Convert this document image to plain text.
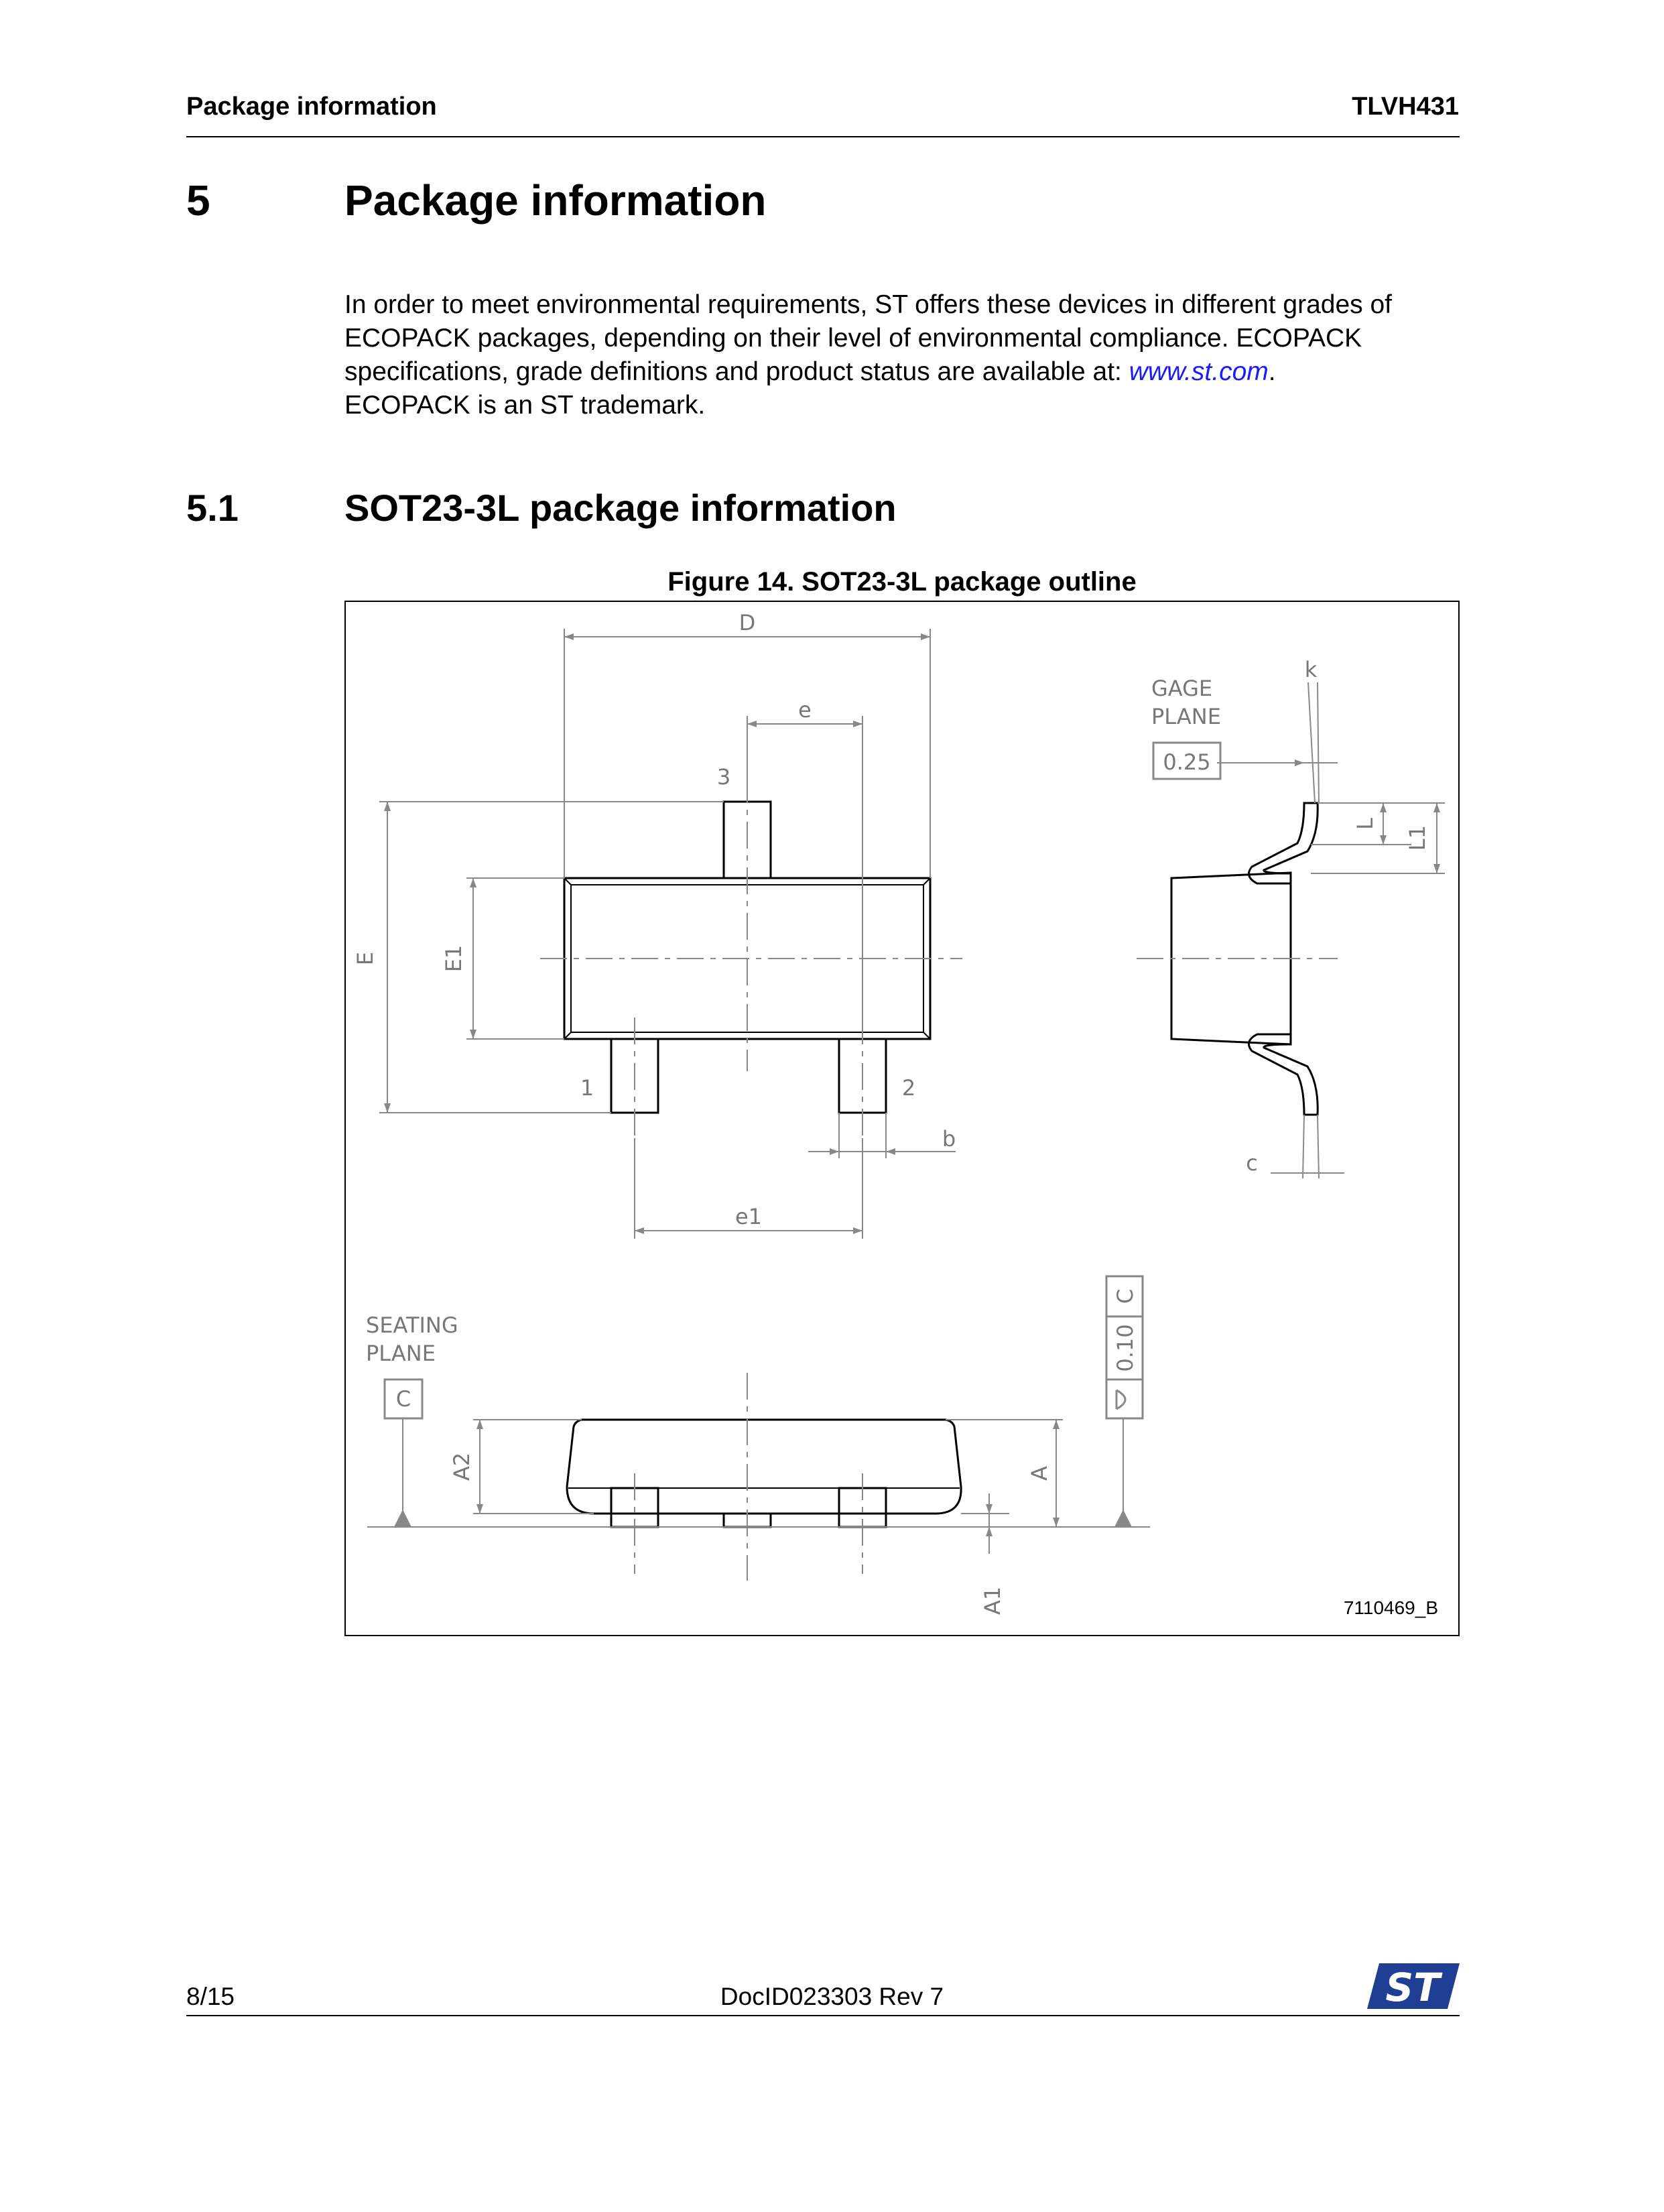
Package information	TLVH431
5	Package information
In order to meet environmental requirements, ST offers these devices in different grades of ECOPACK packages, depending on their level of environmental compliance. ECOPACK specifications, grade definitions and product status are available at: www.st.com.
ECOPACK is an ST trademark.
5.1	SOT23-3L package information
Figure 14. SOT23-3L package outline
D
e
3
E	E1
1	2
b
e1
GAGE
PLANE
0.25
k
L
L1
c
SEATING
PLANE
C
A2	A
A1
0.10
C
7110469_B
8/15	DocID023303 Rev 7	ST
